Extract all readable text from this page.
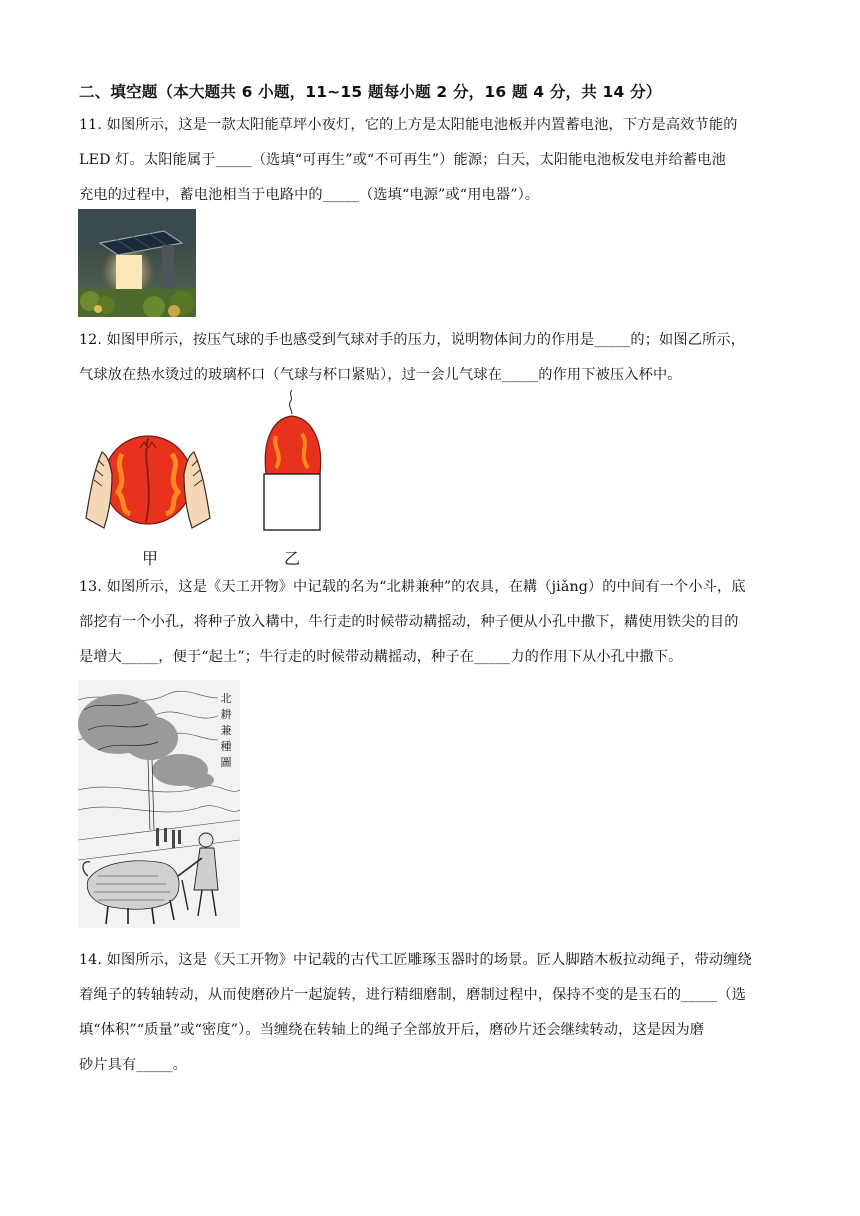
二、填空题（本大题共 6 小题，11~15 题每小题 2 分，16 题 4 分，共 14 分）
11. 如图所示，这是一款太阳能草坪小夜灯，它的上方是太阳能电池板并内置蓄电池，下方是高效节能的
LED 灯。太阳能属于_____（选填“可再生”或“不可再生”）能源；白天，太阳能电池板发电并给蓄电池
充电的过程中，蓄电池相当于电路中的_____（选填“电源”或“用电器”）。
12. 如图甲所示，按压气球的手也感受到气球对手的压力，说明物体间力的作用是_____的；如图乙所示，
气球放在热水烫过的玻璃杯口（气球与杯口紧贴），过一会儿气球在_____的作用下被压入杯中。
甲	乙
13. 如图所示，这是《天工开物》中记载的名为“北耕兼种”的农具，在耩（jiǎng）的中间有一个小斗，底
部挖有一个小孔，将种子放入耩中，牛行走的时候带动耩摇动，种子便从小孔中撒下，耩使用铁尖的目的
是增大_____，便于“起土”；牛行走的时候带动耩摇动，种子在_____力的作用下从小孔中撒下。
北
耕
兼
種
圖
14. 如图所示，这是《天工开物》中记载的古代工匠雕琢玉器时的场景。匠人脚踏木板拉动绳子，带动缠绕
着绳子的转轴转动，从而使磨砂片一起旋转，进行精细磨制，磨制过程中，保持不变的是玉石的_____（选
填“体积”“质量”或“密度”）。当缠绕在转轴上的绳子全部放开后，磨砂片还会继续转动，这是因为磨
砂片具有_____。
